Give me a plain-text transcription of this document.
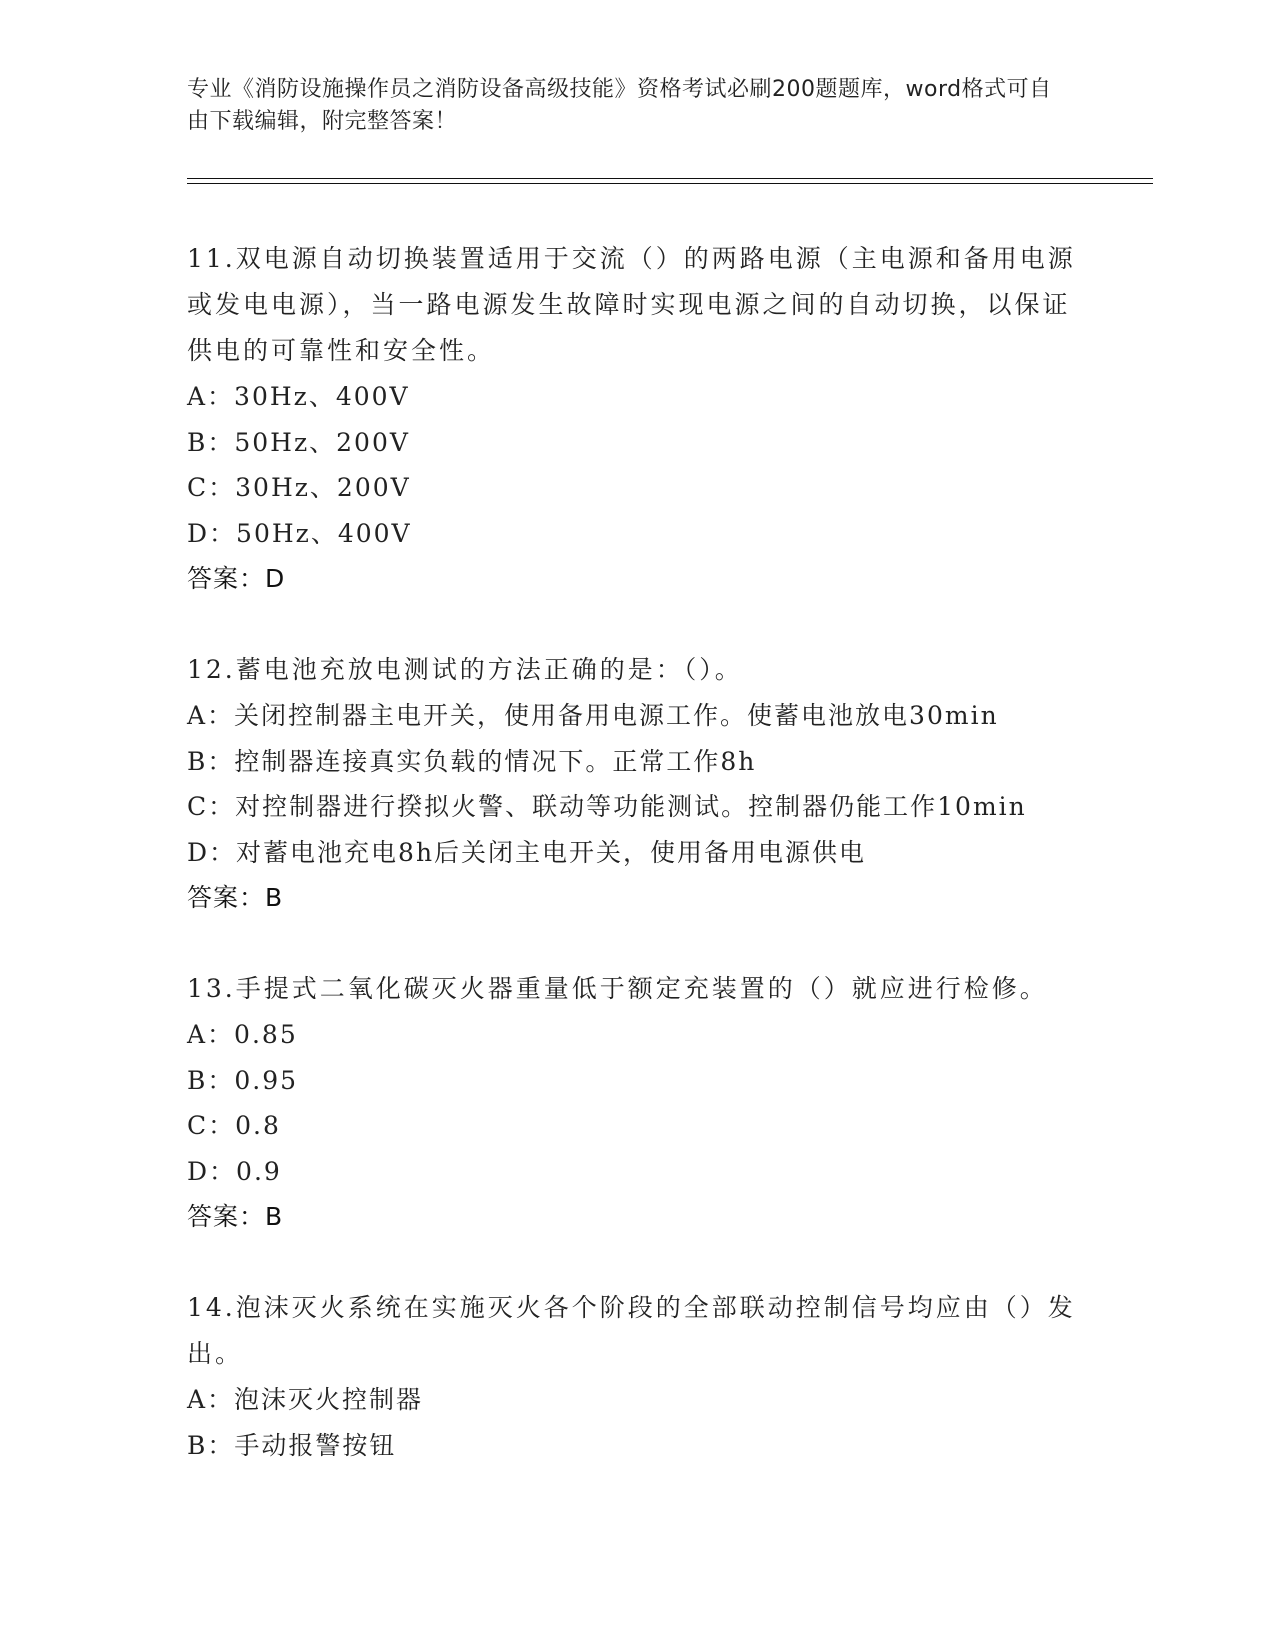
专业《消防设施操作员之消防设备高级技能》资格考试必刷200题题库，word格式可自由下载编辑，附完整答案！
11.双电源自动切换装置适用于交流（）的两路电源（主电源和备用电源或发电电源），当一路电源发生故障时实现电源之间的自动切换，以保证供电的可靠性和安全性。
A：30Hz、400V
B：50Hz、200V
C：30Hz、200V
D：50Hz、400V
答案：D
12.蓄电池充放电测试的方法正确的是：（）。
A：关闭控制器主电开关，使用备用电源工作。使蓄电池放电30min
B：控制器连接真实负载的情况下。正常工作8h
C：对控制器进行揆拟火警、联动等功能测试。控制器仍能工作10min
D：对蓄电池充电8h后关闭主电开关，使用备用电源供电
答案：B
13.手提式二氧化碳灭火器重量低于额定充装置的（）就应进行检修。
A：0.85
B：0.95
C：0.8
D：0.9
答案：B
14.泡沫灭火系统在实施灭火各个阶段的全部联动控制信号均应由（）发出。
A：泡沫灭火控制器
B：手动报警按钮
